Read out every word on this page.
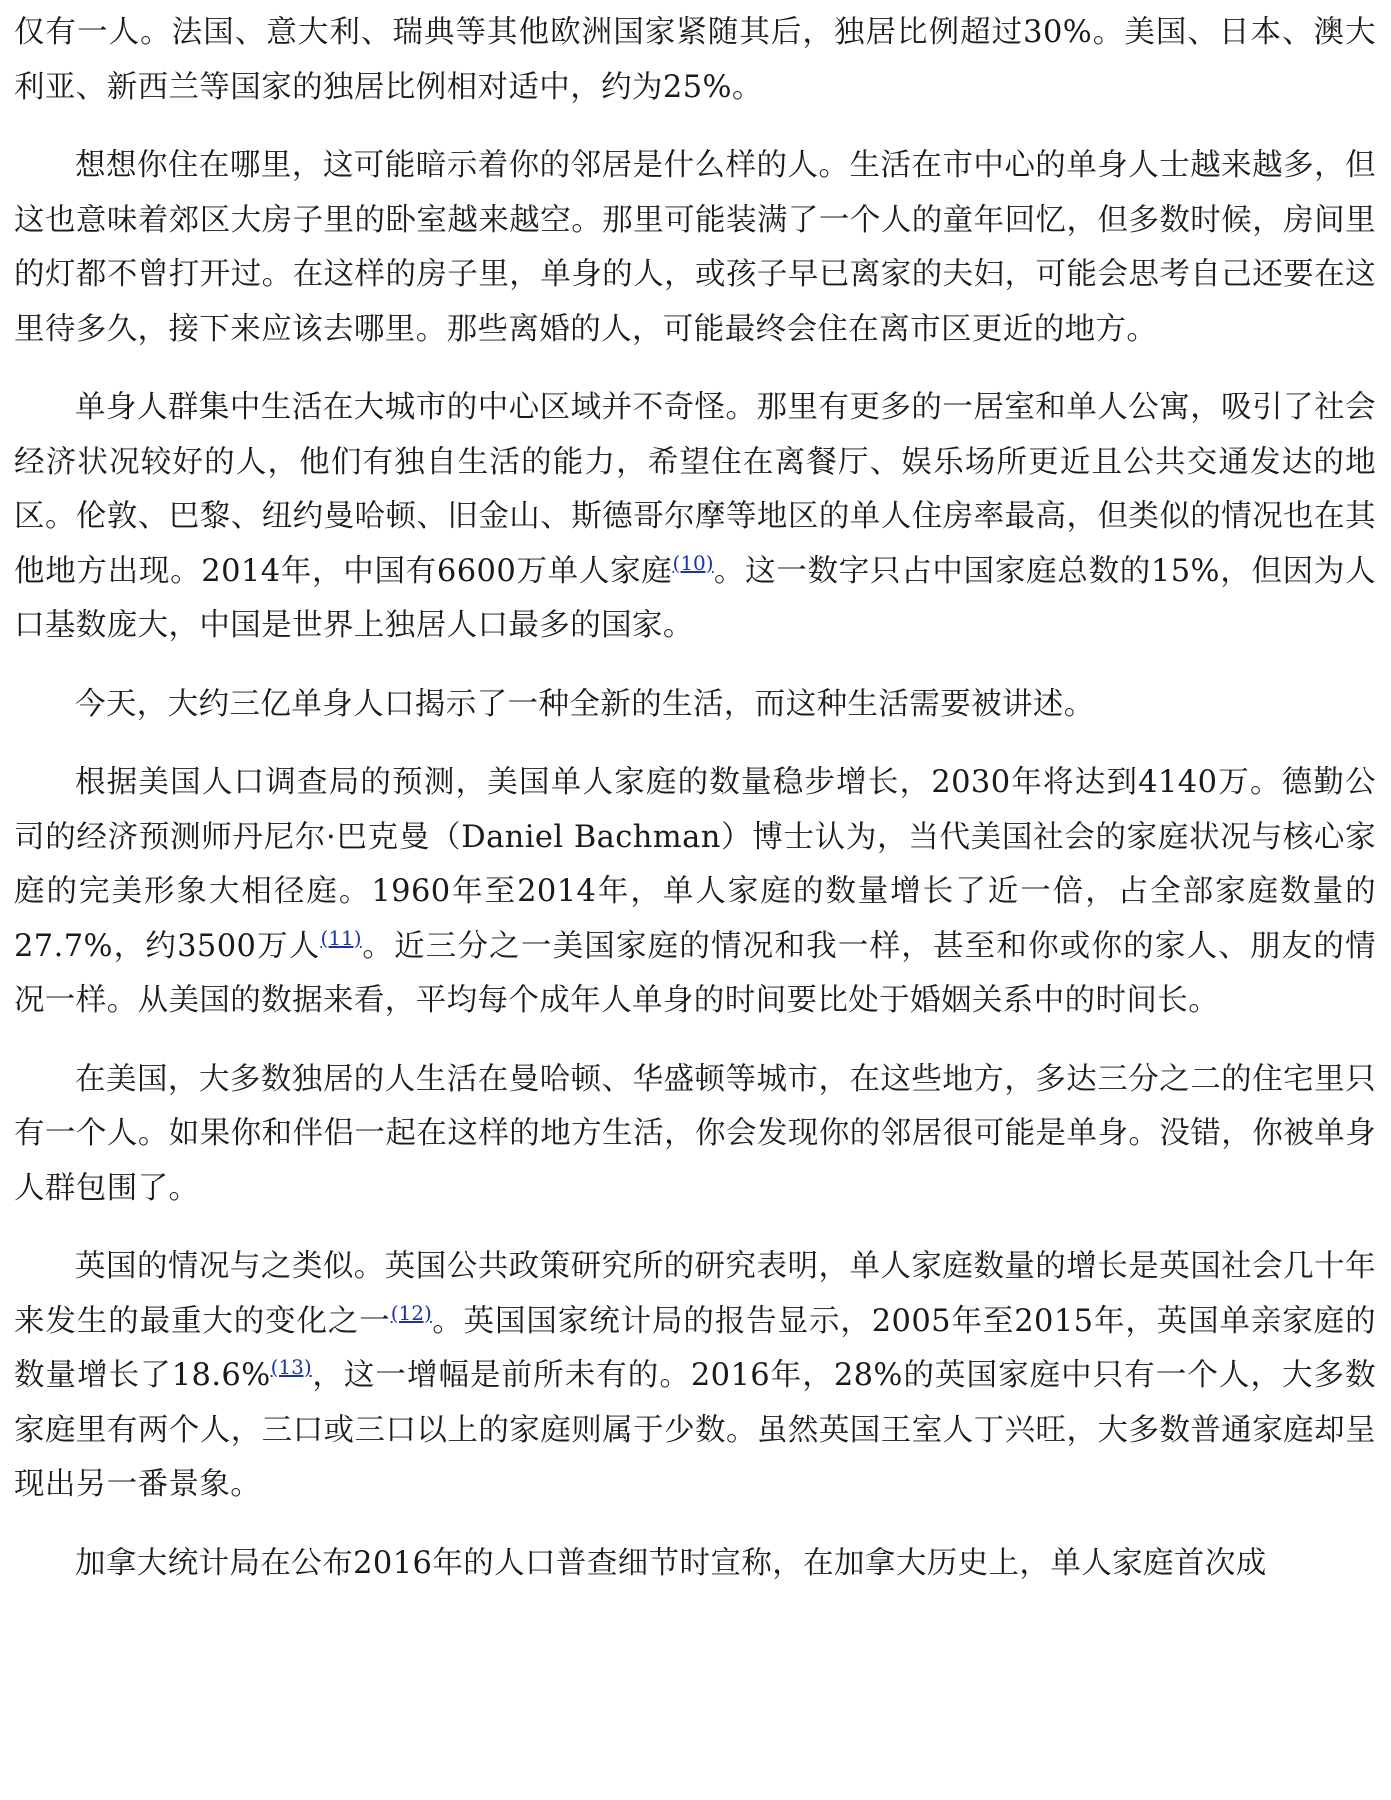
仅有一人。法国、意大利、瑞典等其他欧洲国家紧随其后，独居比例超过30%。美国、日本、澳大利亚、新西兰等国家的独居比例相对适中，约为25%。

想想你住在哪里，这可能暗示着你的邻居是什么样的人。生活在市中心的单身人士越来越多，但这也意味着郊区大房子里的卧室越来越空。那里可能装满了一个人的童年回忆，但多数时候，房间里的灯都不曾打开过。在这样的房子里，单身的人，或孩子早已离家的夫妇，可能会思考自己还要在这里待多久，接下来应该去哪里。那些离婚的人，可能最终会住在离市区更近的地方。

单身人群集中生活在大城市的中心区域并不奇怪。那里有更多的一居室和单人公寓，吸引了社会经济状况较好的人，他们有独自生活的能力，希望住在离餐厅、娱乐场所更近且公共交通发达的地区。伦敦、巴黎、纽约曼哈顿、旧金山、斯德哥尔摩等地区的单人住房率最高，但类似的情况也在其他地方出现。2014年，中国有6600万单人家庭$^{(10)}$。这一数字只占中国家庭总数的15%，但因为人口基数庞大，中国是世界上独居人口最多的国家。

今天，大约三亿单身人口揭示了一种全新的生活，而这种生活需要被讲述。

根据美国人口调查局的预测，美国单人家庭的数量稳步增长，2030年将达到4140万。德勤公司的经济预测师丹尼尔·巴克曼（Daniel Bachman）博士认为，当代美国社会的家庭状况与核心家庭的完美形象大相径庭。1960年至2014年，单人家庭的数量增长了近一倍，占全部家庭数量的27.7%，约3500万人$^{(11)}$。近三分之一美国家庭的情况和我一样，甚至和你或你的家人、朋友的情况一样。从美国的数据来看，平均每个成年人单身的时间要比处于婚姻关系中的时间长。

在美国，大多数独居的人生活在曼哈顿、华盛顿等城市，在这些地方，多达三分之二的住宅里只有一个人。如果你和伴侣一起在这样的地方生活，你会发现你的邻居很可能是单身。没错，你被单身人群包围了。

英国的情况与之类似。英国公共政策研究所的研究表明，单人家庭数量的增长是英国社会几十年来发生的最重大的变化之一$^{(12)}$。英国国家统计局的报告显示，2005年至2015年，英国单亲家庭的数量增长了18.6%$^{(13)}$，这一增幅是前所未有的。2016年，28%的英国家庭中只有一个人，大多数家庭里有两个人，三口或三口以上的家庭则属于少数。虽然英国王室人丁兴旺，大多数普通家庭却呈现出另一番景象。

加拿大统计局在公布2016年的人口普查细节时宣称，在加拿大历史上，单人家庭首次成
